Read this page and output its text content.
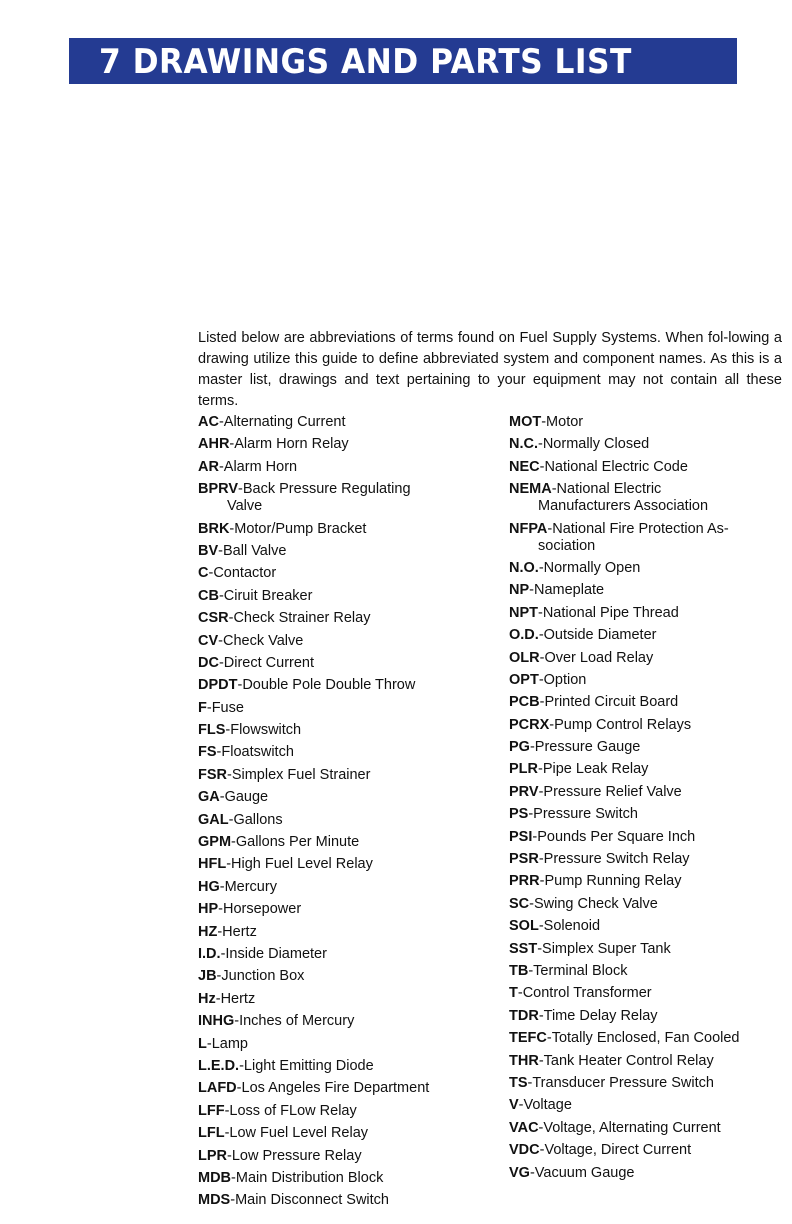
7 DRAWINGS AND PARTS LIST

Listed below are abbreviations of terms found on Fuel Supply Systems. When fol-lowing a drawing utilize this guide to define abbreviated system and component names. As this is a master list, drawings and text pertaining to your equipment may not contain all these terms.

AC-Alternating Current
AHR-Alarm Horn Relay
AR-Alarm Horn
BPRV-Back Pressure Regulating
Valve
BRK-Motor/Pump Bracket
BV-Ball Valve
C-Contactor
CB-Ciruit Breaker
CSR-Check Strainer Relay
CV-Check Valve
DC-Direct Current
DPDT-Double Pole Double Throw
F-Fuse
FLS-Flowswitch
FS-Floatswitch
FSR-Simplex Fuel Strainer
GA-Gauge
GAL-Gallons
GPM-Gallons Per Minute
HFL-High Fuel Level Relay
HG-Mercury
HP-Horsepower
HZ-Hertz
I.D.-Inside Diameter
JB-Junction Box
Hz-Hertz
INHG-Inches of Mercury
L-Lamp
L.E.D.-Light Emitting Diode
LAFD-Los Angeles Fire Department
LFF-Loss of FLow Relay
LFL-Low Fuel Level Relay
LPR-Low Pressure Relay
MDB-Main Distribution Block
MDS-Main Disconnect Switch
MOT-Motor
N.C.-Normally Closed
NEC-National Electric Code
NEMA-National Electric
Manufacturers Association
NFPA-National Fire Protection As-
sociation
N.O.-Normally Open
NP-Nameplate
NPT-National Pipe Thread
O.D.-Outside Diameter
OLR-Over Load Relay
OPT-Option
PCB-Printed Circuit Board
PCRX-Pump Control Relays
PG-Pressure Gauge
PLR-Pipe Leak Relay
PRV-Pressure Relief Valve
PS-Pressure Switch
PSI-Pounds Per Square Inch
PSR-Pressure Switch Relay
PRR-Pump Running Relay
SC-Swing Check Valve
SOL-Solenoid
SST-Simplex Super Tank
TB-Terminal Block
T-Control Transformer
TDR-Time Delay Relay
TEFC-Totally Enclosed, Fan Cooled
THR-Tank Heater Control Relay
TS-Transducer Pressure Switch
V-Voltage
VAC-Voltage, Alternating Current
VDC-Voltage, Direct Current
VG-Vacuum Gauge
